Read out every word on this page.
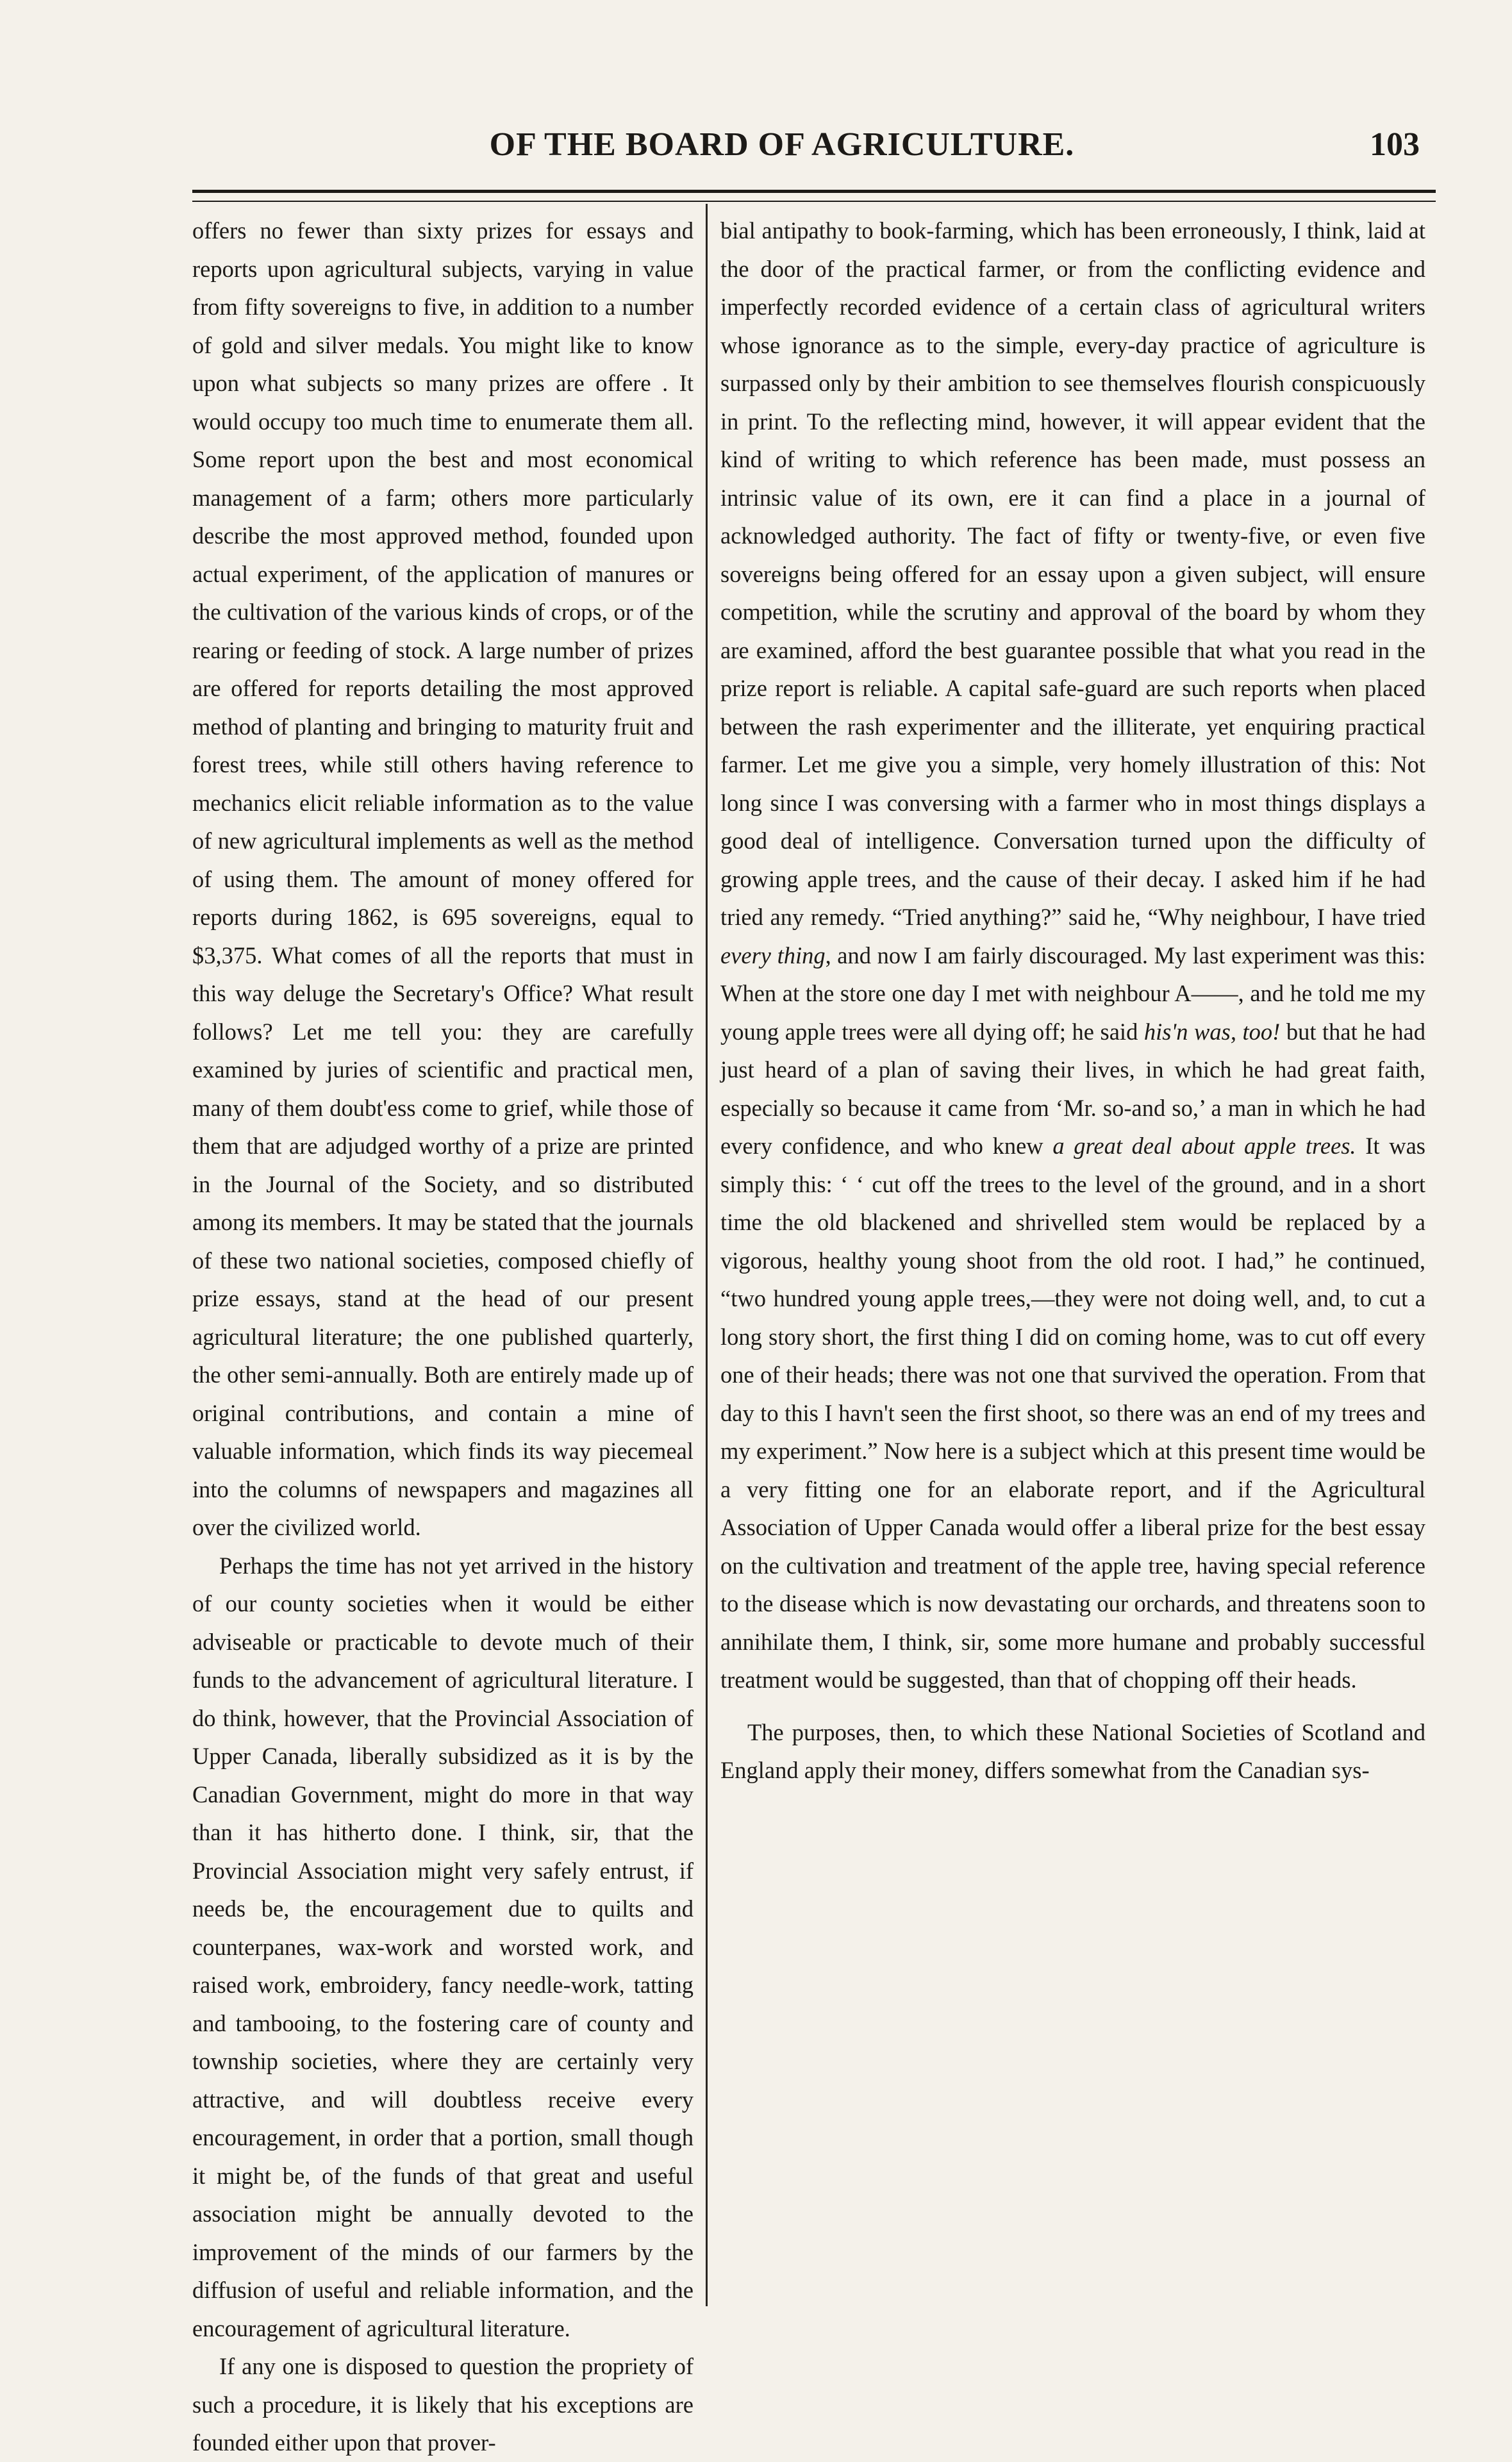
OF THE BOARD OF AGRICULTURE.	103

offers no fewer than sixty prizes for essays and reports upon agricultural subjects, varying in value from fifty sovereigns to five, in addition to a number of gold and silver medals. You might like to know upon what subjects so many prizes are offere . It would occupy too much time to enumerate them all. Some report upon the best and most economical management of a farm; others more particularly describe the most approved method, founded upon actual experiment, of the application of manures or the cultivation of the various kinds of crops, or of the rearing or feeding of stock. A large number of prizes are offered for reports detailing the most approved method of planting and bringing to maturity fruit and forest trees, while still others having reference to mechanics elicit reliable information as to the value of new agricultural implements as well as the method of using them. The amount of money offered for reports during 1862, is 695 sovereigns, equal to $3,375. What comes of all the reports that must in this way deluge the Secretary's Office? What result follows? Let me tell you: they are carefully examined by juries of scientific and practical men, many of them doubt'ess come to grief, while those of them that are adjudged worthy of a prize are printed in the Journal of the Society, and so distributed among its members. It may be stated that the journals of these two national societies, composed chiefly of prize essays, stand at the head of our present agricultural literature; the one published quarterly, the other semi-annually. Both are entirely made up of original contributions, and contain a mine of valuable information, which finds its way piecemeal into the columns of newspapers and magazines all over the civilized world.

Perhaps the time has not yet arrived in the history of our county societies when it would be either adviseable or practicable to devote much of their funds to the advancement of agricultural literature. I do think, however, that the Provincial Association of Upper Canada, liberally subsidized as it is by the Canadian Government, might do more in that way than it has hitherto done. I think, sir, that the Provincial Association might very safely entrust, if needs be, the encouragement due to quilts and counterpanes, wax-work and worsted work, and raised work, embroidery, fancy needle-work, tatting and tambooing, to the fostering care of county and township societies, where they are certainly very attractive, and will doubtless receive every encouragement, in order that a portion, small though it might be, of the funds of that great and useful association might be annually devoted to the improvement of the minds of our farmers by the diffusion of useful and reliable information, and the encouragement of agricultural literature.

If any one is disposed to question the propriety of such a procedure, it is likely that his exceptions are founded either upon that prover-

bial antipathy to book-farming, which has been erroneously, I think, laid at the door of the practical farmer, or from the conflicting evidence and imperfectly recorded evidence of a certain class of agricultural writers whose ignorance as to the simple, every-day practice of agriculture is surpassed only by their ambition to see themselves flourish conspicuously in print. To the reflecting mind, however, it will appear evident that the kind of writing to which reference has been made, must possess an intrinsic value of its own, ere it can find a place in a journal of acknowledged authority. The fact of fifty or twenty-five, or even five sovereigns being offered for an essay upon a given subject, will ensure competition, while the scrutiny and approval of the board by whom they are examined, afford the best guarantee possible that what you read in the prize report is reliable. A capital safe-guard are such reports when placed between the rash experimenter and the illiterate, yet enquiring practical farmer. Let me give you a simple, very homely illustration of this: Not long since I was conversing with a farmer who in most things displays a good deal of intelligence. Conversation turned upon the difficulty of growing apple trees, and the cause of their decay. I asked him if he had tried any remedy. “Tried anything?” said he, “Why neighbour, I have tried every thing, and now I am fairly discouraged. My last experiment was this: When at the store one day I met with neighbour A——, and he told me my young apple trees were all dying off; he said his'n was, too! but that he had just heard of a plan of saving their lives, in which he had great faith, especially so because it came from ‘Mr. so-and so,’ a man in which he had every confidence, and who knew a great deal about apple trees. It was simply this: ‘ ‘ cut off the trees to the level of the ground, and in a short time the old blackened and shrivelled stem would be replaced by a vigorous, healthy young shoot from the old root. I had,” he continued, “two hundred young apple trees,—they were not doing well, and, to cut a long story short, the first thing I did on coming home, was to cut off every one of their heads; there was not one that survived the operation. From that day to this I havn't seen the first shoot, so there was an end of my trees and my experiment.” Now here is a subject which at this present time would be a very fitting one for an elaborate report, and if the Agricultural Association of Upper Canada would offer a liberal prize for the best essay on the cultivation and treatment of the apple tree, having special reference to the disease which is now devastating our orchards, and threatens soon to annihilate them, I think, sir, some more humane and probably successful treatment would be suggested, than that of chopping off their heads.

The purposes, then, to which these National Societies of Scotland and England apply their money, differs somewhat from the Canadian sys-
